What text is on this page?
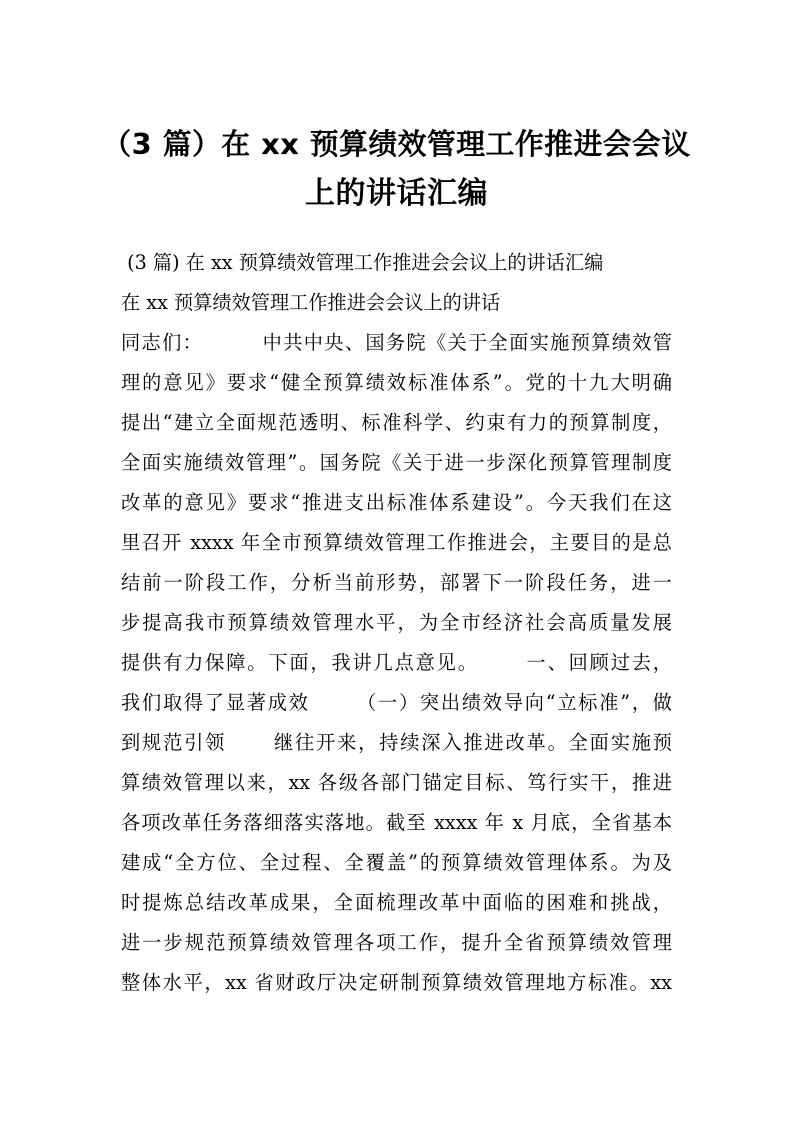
（3 篇）在 xx 预算绩效管理工作推进会会议
上的讲话汇编
(3 篇) 在 xx 预算绩效管理工作推进会会议上的讲话汇编
在 xx 预算绩效管理工作推进会会议上的讲话
同志们：        中共中央、国务院《关于全面实施预算绩效管
理的意见》要求“健全预算绩效标准体系”。党的十九大明确
提出“建立全面规范透明、标准科学、约束有力的预算制度，
全面实施绩效管理”。国务院《关于进一步深化预算管理制度
改革的意见》要求“推进支出标准体系建设”。今天我们在这
里召开 xxxx 年全市预算绩效管理工作推进会，主要目的是总
结前一阶段工作，分析当前形势，部署下一阶段任务，进一
步提高我市预算绩效管理水平，为全市经济社会高质量发展
提供有力保障。下面，我讲几点意见。      一、回顾过去，
我们取得了显著成效      （一）突出绩效导向“立标准”，做
到规范引领      继往开来，持续深入推进改革。全面实施预
算绩效管理以来，xx 各级各部门锚定目标、笃行实干，推进
各项改革任务落细落实落地。截至 xxxx 年 x 月底，全省基本
建成“全方位、全过程、全覆盖”的预算绩效管理体系。为及
时提炼总结改革成果，全面梳理改革中面临的困难和挑战，
进一步规范预算绩效管理各项工作，提升全省预算绩效管理
整体水平，xx 省财政厅决定研制预算绩效管理地方标准。xx
